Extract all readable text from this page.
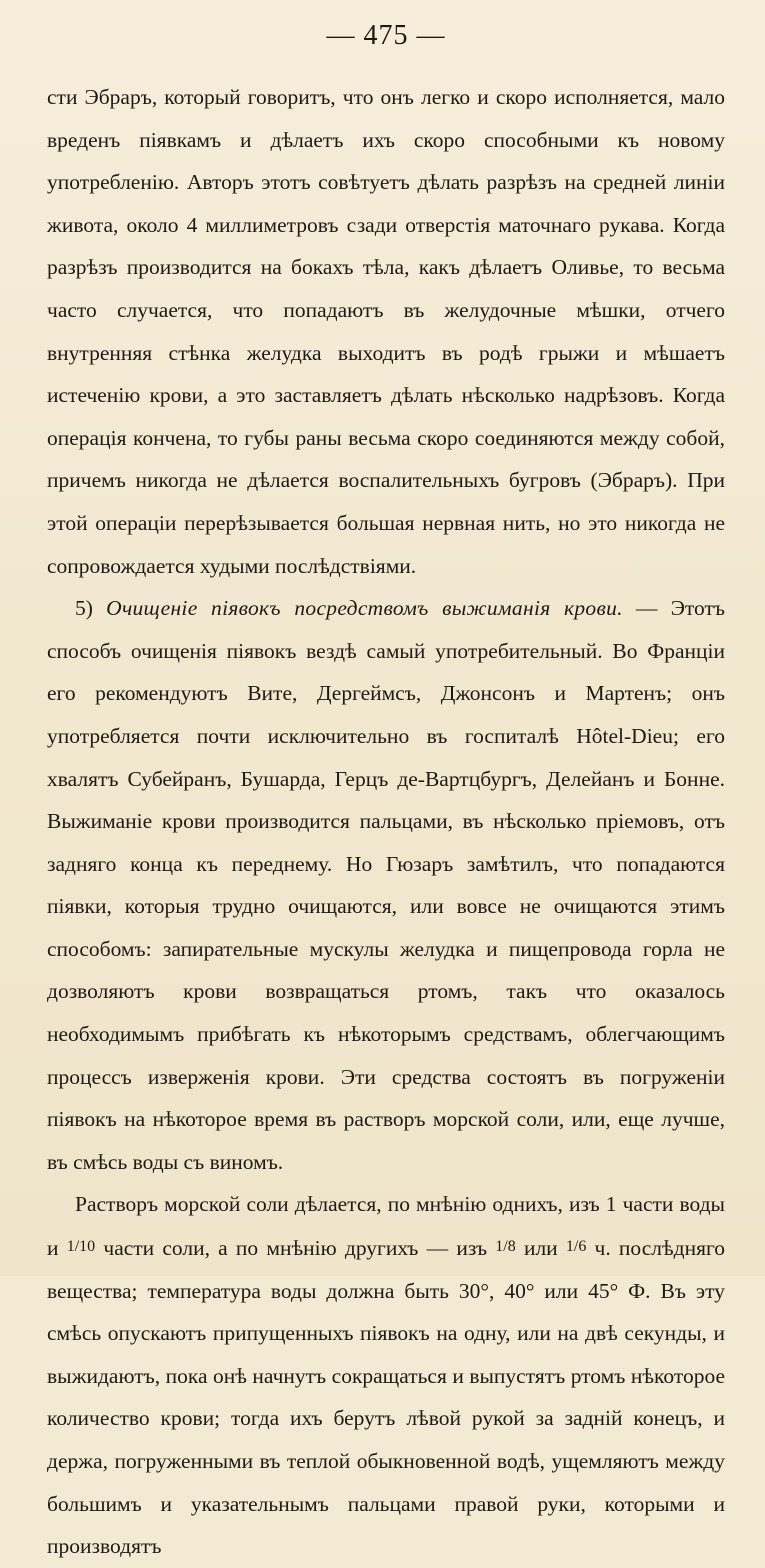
— 475 —

сти Эбраръ, который говоритъ, что онъ легко и скоро исполняется, мало вреденъ піявкамъ и дѣлаетъ ихъ скоро способными къ новому употребленію. Авторъ этотъ совѣтуетъ дѣлать разрѣзъ на средней линіи живота, около 4 миллиметровъ сзади отверстія маточнаго рукава. Когда разрѣзъ производится на бокахъ тѣла, какъ дѣлаетъ Оливье, то весьма часто случается, что попадаютъ въ желудочные мѣшки, отчего внутренняя стѣнка желудка выходитъ въ родѣ грыжи и мѣшаетъ истеченію крови, а это заставляетъ дѣлать нѣсколько надрѣзовъ. Когда операція кончена, то губы раны весьма скоро соединяются между собой, причемъ никогда не дѣлается воспалительныхъ бугровъ (Эбраръ). При этой операціи перерѣзывается большая нервная нить, но это никогда не сопровождается худыми послѣдствіями.

5) Очищеніе піявокъ посредствомъ выжиманія крови. — Этотъ способъ очищенія піявокъ вездѣ самый употребительный. Во Франціи его рекомендуютъ Вите, Дергеймсъ, Джонсонъ и Мартенъ; онъ употребляется почти исключительно въ госпиталѣ Hôtel-Dieu; его хвалятъ Субейранъ, Бушарда, Герцъ де-Вартцбургъ, Делейанъ и Бонне. Выжиманіе крови производится пальцами, въ нѣсколько пріемовъ, отъ задняго конца къ переднему. Но Гюзаръ замѣтилъ, что попадаются піявки, которыя трудно очищаются, или вовсе не очищаются этимъ способомъ: запирательные мускулы желудка и пищепровода горла не дозволяютъ крови возвращаться ртомъ, такъ что оказалось необходимымъ прибѣгать къ нѣкоторымъ средствамъ, облегчающимъ процессъ изверженія крови. Эти средства состоятъ въ погруженіи піявокъ на нѣкоторое время въ растворъ морской соли, или, еще лучше, въ смѣсь воды съ виномъ.

Растворъ морской соли дѣлается, по мнѣнію однихъ, изъ 1 части воды и 1/10 части соли, а по мнѣнію другихъ — изъ 1/8 или 1/6 ч. послѣдняго вещества; температура воды должна быть 30°, 40° или 45° Ф. Въ эту смѣсь опускаютъ припущенныхъ піявокъ на одну, или на двѣ секунды, и выжидаютъ, пока онѣ начнутъ сокращаться и выпустятъ ртомъ нѣкоторое количество крови; тогда ихъ берутъ лѣвой рукой за задній конецъ, и держа, погруженными въ теплой обыкновенной водѣ, ущемляютъ между большимъ и указательнымъ пальцами правой руки, которыми и производятъ
